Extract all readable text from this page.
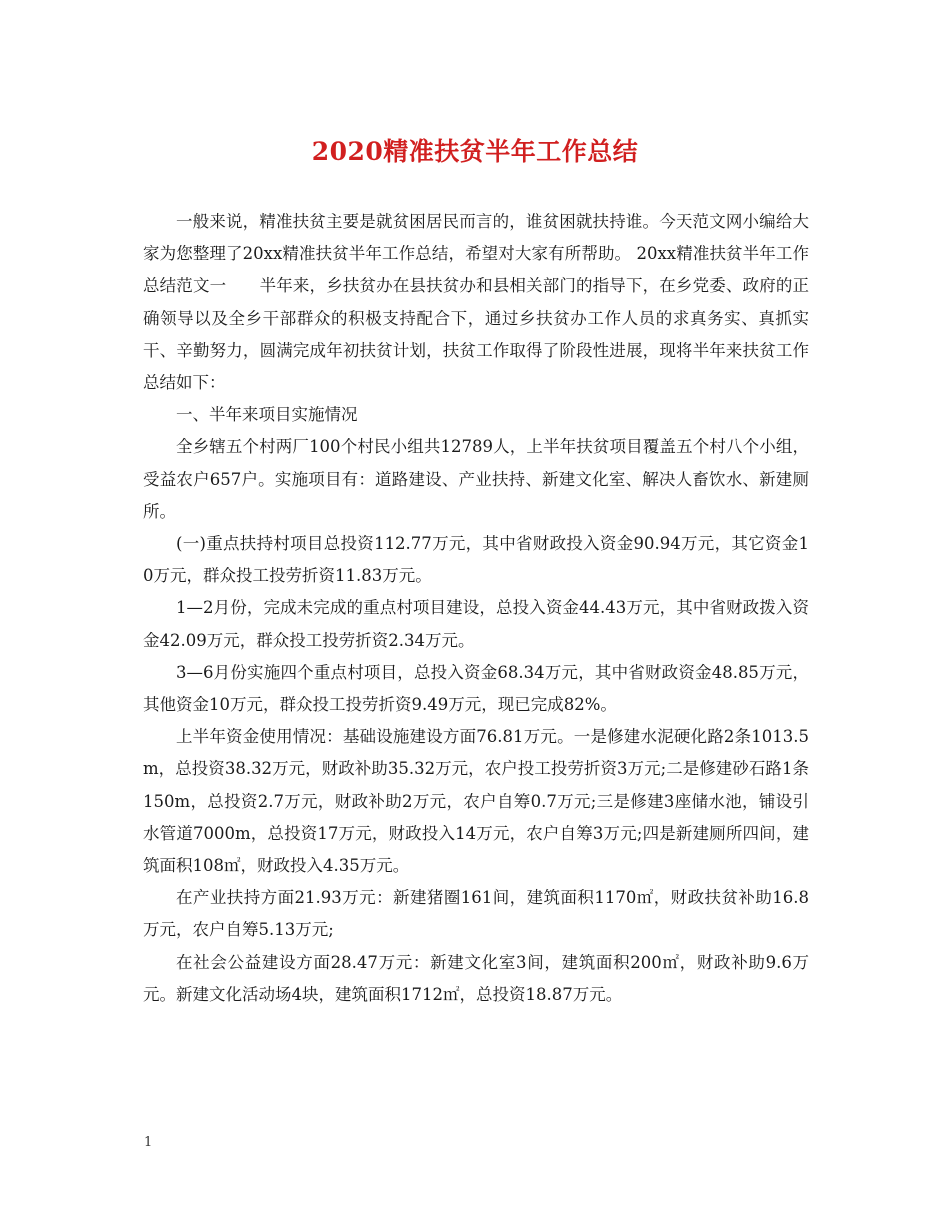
2020精准扶贫半年工作总结

一般来说，精准扶贫主要是就贫困居民而言的，谁贫困就扶持谁。今天范文网小编给大家为您整理了20xx精准扶贫半年工作总结，希望对大家有所帮助。 20xx精准扶贫半年工作总结范文一　　半年来，乡扶贫办在县扶贫办和县相关部门的指导下，在乡党委、政府的正确领导以及全乡干部群众的积极支持配合下，通过乡扶贫办工作人员的求真务实、真抓实干、辛勤努力，圆满完成年初扶贫计划，扶贫工作取得了阶段性进展，现将半年来扶贫工作总结如下：

一、半年来项目实施情况

全乡辖五个村两厂100个村民小组共12789人，上半年扶贫项目覆盖五个村八个小组，受益农户657户。实施项目有：道路建设、产业扶持、新建文化室、解决人畜饮水、新建厕所。

(一)重点扶持村项目总投资112.77万元，其中省财政投入资金90.94万元，其它资金10万元，群众投工投劳折资11.83万元。

1—2月份，完成未完成的重点村项目建设，总投入资金44.43万元，其中省财政拨入资金42.09万元，群众投工投劳折资2.34万元。

3—6月份实施四个重点村项目，总投入资金68.34万元，其中省财政资金48.85万元，其他资金10万元，群众投工投劳折资9.49万元，现已完成82%。

上半年资金使用情况：基础设施建设方面76.81万元。一是修建水泥硬化路2条1013.5m，总投资38.32万元，财政补助35.32万元，农户投工投劳折资3万元;二是修建砂石路1条150m，总投资2.7万元，财政补助2万元，农户自筹0.7万元;三是修建3座储水池，铺设引水管道7000m，总投资17万元，财政投入14万元，农户自筹3万元;四是新建厕所四间，建筑面积108㎡，财政投入4.35万元。

在产业扶持方面21.93万元：新建猪圈161间，建筑面积1170㎡，财政扶贫补助16.8万元，农户自筹5.13万元;

在社会公益建设方面28.47万元：新建文化室3间，建筑面积200㎡，财政补助9.6万元。新建文化活动场4块，建筑面积1712㎡，总投资18.87万元。

1
